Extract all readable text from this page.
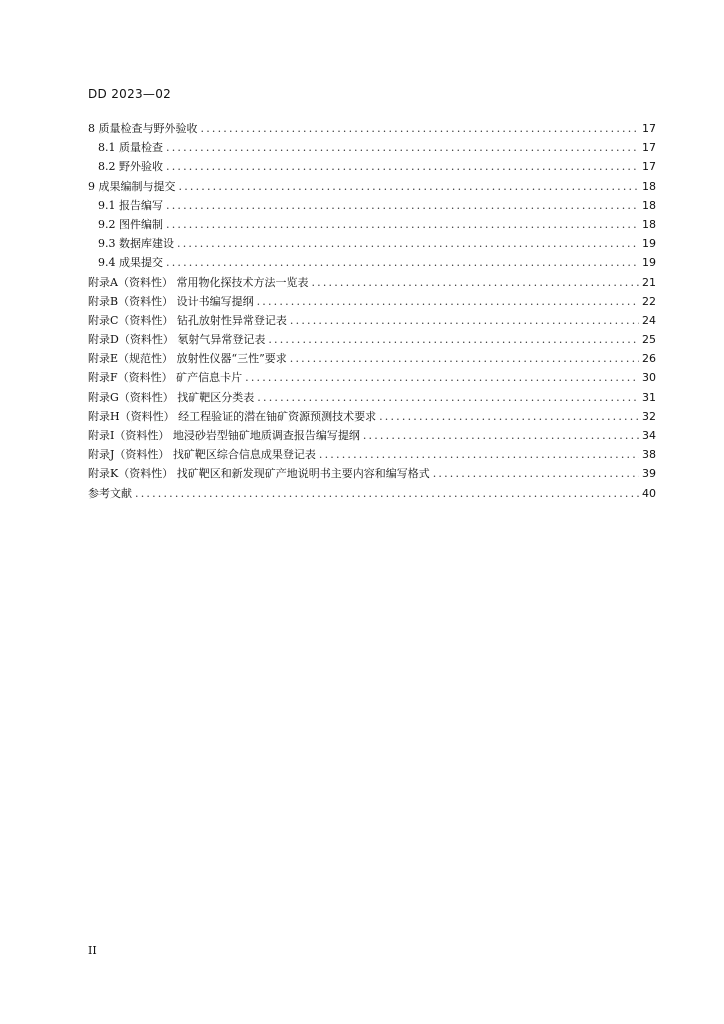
DD 2023—02
8 质量检查与野外验收 .....	17
8.1 质量检查 .....	17
8.2 野外验收 .....	17
9 成果编制与提交 .....	18
9.1 报告编写 .....	18
9.2 图件编制 .....	18
9.3 数据库建设 .....	19
9.4 成果提交 .....	19
附录A（资料性） 常用物化探技术方法一览表 .....	21
附录B（资料性） 设计书编写提纲 .....	22
附录C（资料性） 钻孔放射性异常登记表 .....	24
附录D（资料性） 氡射气异常登记表 .....	25
附录E（规范性） 放射性仪器“三性”要求 .....	26
附录F（资料性） 矿产信息卡片 .....	30
附录G（资料性） 找矿靶区分类表 .....	31
附录H（资料性） 经工程验证的潜在铀矿资源预测技术要求 .....	32
附录I（资料性） 地浸砂岩型铀矿地质调查报告编写提纲 .....	34
附录J（资料性） 找矿靶区综合信息成果登记表 .....	38
附录K（资料性） 找矿靶区和新发现矿产地说明书主要内容和编写格式 .....	39
参考文献 .....	40
II
